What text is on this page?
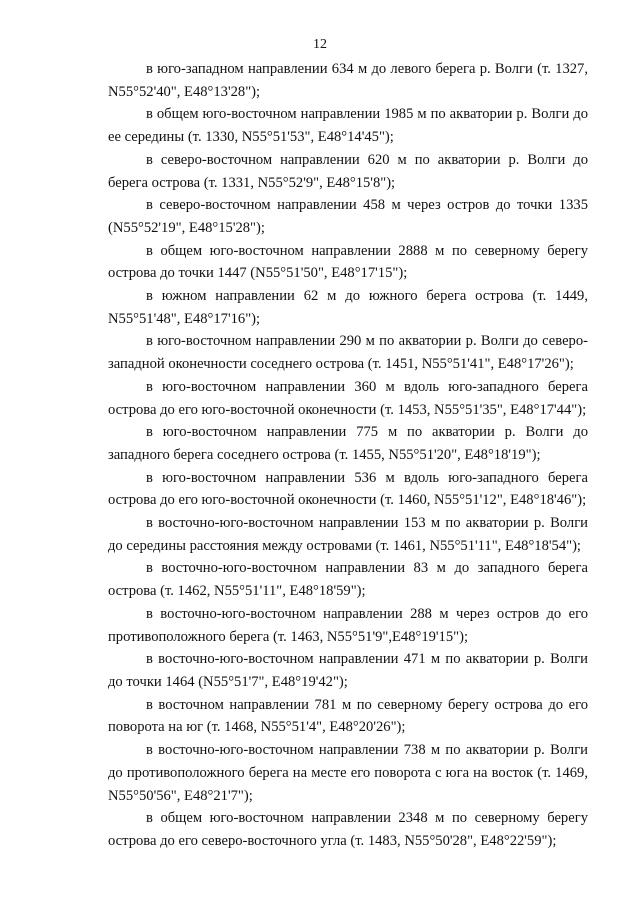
12

в юго-западном направлении 634 м до левого берега р. Волги (т. 1327, N55°52'40", E48°13'28");

в общем юго-восточном направлении 1985 м по акватории р. Волги до ее середины (т. 1330, N55°51'53", E48°14'45");

в северо-восточном направлении 620 м по акватории р. Волги до берега острова (т. 1331, N55°52'9", E48°15'8");

в северо-восточном направлении 458 м через остров до точки 1335 (N55°52'19", E48°15'28");

в общем юго-восточном направлении 2888 м по северному берегу острова до точки 1447 (N55°51'50", E48°17'15");

в южном направлении 62 м до южного берега острова (т. 1449, N55°51'48", E48°17'16");

в юго-восточном направлении 290 м по акватории р. Волги до северо-западной оконечности соседнего острова (т. 1451, N55°51'41", E48°17'26");

в юго-восточном направлении 360 м вдоль юго-западного берега острова до его юго-восточной оконечности (т. 1453, N55°51'35", E48°17'44");

в юго-восточном направлении 775 м по акватории р. Волги до западного берега соседнего острова (т. 1455, N55°51'20", E48°18'19");

в юго-восточном направлении 536 м вдоль юго-западного берега острова до его юго-восточной оконечности (т. 1460, N55°51'12", E48°18'46");

в восточно-юго-восточном направлении 153 м по акватории р. Волги до середины расстояния между островами (т. 1461, N55°51'11", E48°18'54");

в восточно-юго-восточном направлении 83 м до западного берега острова (т. 1462, N55°51'11", E48°18'59");

в восточно-юго-восточном направлении 288 м через остров до его противоположного берега (т. 1463, N55°51'9",E48°19'15");

в восточно-юго-восточном направлении 471 м по акватории р. Волги до точки 1464 (N55°51'7", E48°19'42");

в восточном направлении 781 м по северному берегу острова до его поворота на юг (т. 1468, N55°51'4", E48°20'26");

в восточно-юго-восточном направлении 738 м по акватории р. Волги до противоположного берега на месте его поворота с юга на восток (т. 1469, N55°50'56", E48°21'7");

в общем юго-восточном направлении 2348 м по северному берегу острова до его северо-восточного угла (т. 1483, N55°50'28", E48°22'59");
